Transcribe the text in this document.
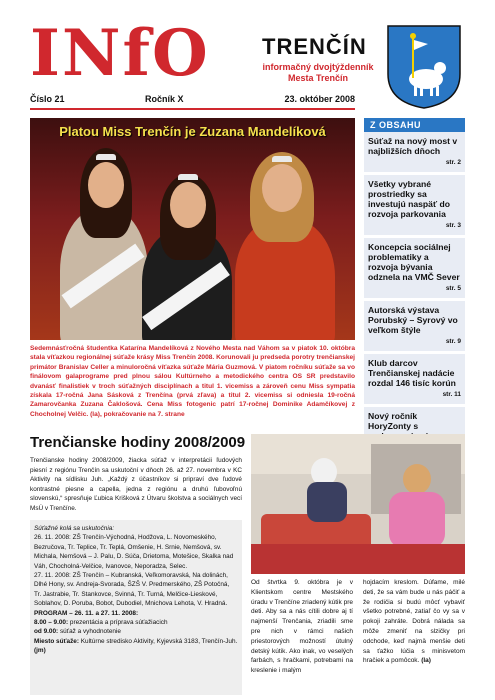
INfO TRENČÍN
informačný dvojtýždenník
Mesta Trenčín
Číslo 21	Ročník X	23. október 2008
Platou Miss Trenčín je Zuzana Mandelíková
Sedemnásťročná študentka Katarína Mandelíková z Nového Mesta nad Váhom sa v piatok 10. októbra stala víťazkou regionálnej súťaže krásy Miss Trenčín 2008. Korunovali ju predseda porotry trenčianskej primátor Branislav Celler a minuloročná víťazka súťaže Mária Guzmová. V piatom ročníku súťaže sa vo finálovom galaprograme pred plnou sálou Kultúrneho a metodického centra OS SR predstavilo dvanásť finalistiek v troch súťažných disciplínach a titul 1. vicemiss a zároveň cenu Miss sympatia získala 17-ročná Jana Sásková z Trenčína (prvá zľava) a titul 2. vicemiss si odniesla 19-ročná Zamarovčanka Zuzana Čaklošová. Cena Miss fotogenic patrí 17-ročnej Dominike Adamčíkovej z Chocholnej Velčic. (la), pokračovanie na 7. strane
Z OBSAHU
Súťaž na nový most v najbližších dňoch
str. 2
Všetky vybrané prostriedky sa investujú naspäť do rozvoja parkovania
str. 3
Koncepcia sociálnej problematiky a rozvoja bývania odznela na VMČ Sever
str. 5
Autorská výstava Porubský – Syrový vo veľkom štýle
str. 9
Klub darcov Trenčianskej nadácie rozdal 146 tisíc korún
str. 11
Nový ročník HoryZonty s
Trenčianske hodiny 2008/2009
Trenčianske hodiny 2008/2009, žiacka súťaž v interpretácii ľudových piesní z regiónu Trenčín sa uskutoční v dňoch 26. až 27. novembra v KC Aktivity na sídlisku Juh. „Každý z účastníkov si pripraví dve ľudové kontrastné piesne a capella, jedna z regiónu a druhú ľubovoľnú slovenskú,“ spresňuje Ľubica Krišková z Útvaru školstva a sociálnych vecí MsÚ v Trenčíne.

Súťažné kolá sa uskutočnia:

26. 11. 2008: ZŠ Trenčín-Východná, Hodžova, L. Novomeského, Bezručova, Tr. Teplice, Tr. Teplá, Omšenie, H. Srnie, Nemšová, sv. Michala, Nemšová – J. Palu, D. Súča, Drietoma, Motešice, Skalka nad Váh, Chocholná-Velčice, Ivanovce, Neporadza, Selec.

27. 11. 2008: ZŠ Trenčín – Kubranská, Veľkomoravská, Na dolinách, Dlhé Hony, sv. Andreja-Svorada, ŠZŠ V. Predmerského, ZŠ Potočná, Tr. Jastrabie, Tr. Stankovce, Svinná, Tr. Turná, Melčice-Lieskové, Soblahov, D. Poruba, Bobot, Dubodiel, Mnichova Lehota, V. Hradná.

PROGRAM – 26. 11. a 27. 11. 2008:

8.00 – 9.00: prezentácia a príprava súťažiacich

od 9.00: súťaž a vyhodnotenie

Miesto súťaže: Kultúrne stredisko Aktivity, Kyjevská 3183, Trenčín-Juh. (jm)

Od štvrtka 9. októbra je v Klientskom centre Mestského úradu v Trenčíne zriadený kútik pre deti. Aby sa a nás cítili dobre aj tí najmenší Trenčania, zriadili sme pre nich v rámci našich priestorových možností útulný detský kútik. Ako inak, vo veselých farbách, s hračkami, potrebami na kreslenie i malým
hojdacím kreslom. Dúfame, milé deti, že sa vám bude u nás páčiť a že rodičia si budú môcť vybaviť všetko potrebné, zatiaľ čo vy sa v pokoji zahráte. Dobrá nálada sa môže zmeniť na slzičky pri odchode, keď najmä menšie deti sa ťažko lúčia s minisvetom hračiek a pomôcok. (la)
